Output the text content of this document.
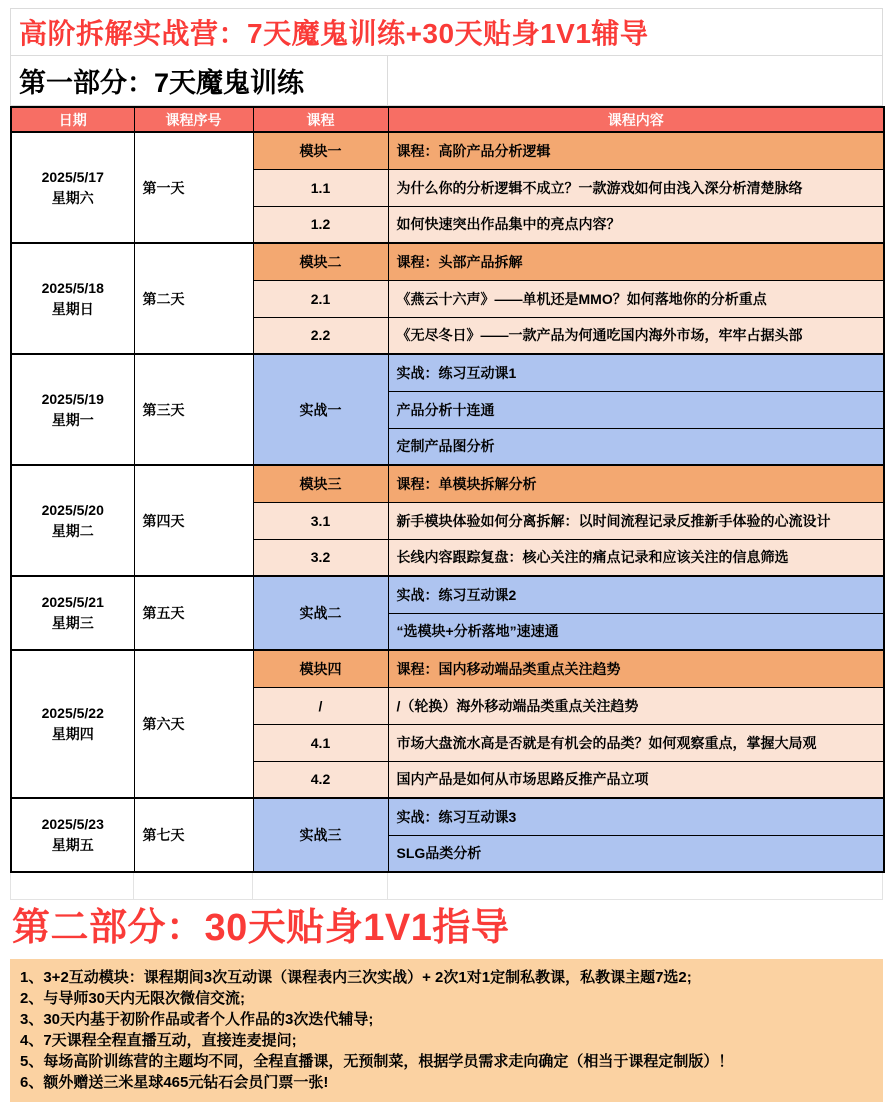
高阶拆解实战营：7天魔鬼训练+30天贴身1V1辅导
第一部分：7天魔鬼训练
日期	课程序号	课程	课程内容
2025/5/17
星期六	第一天	模块一	课程：高阶产品分析逻辑
		1.1	为什么你的分析逻辑不成立？一款游戏如何由浅入深分析清楚脉络
		1.2	如何快速突出作品集中的亮点内容？
2025/5/18
星期日	第二天	模块二	课程：头部产品拆解
		2.1	《燕云十六声》——单机还是MMO？如何落地你的分析重点
		2.2	《无尽冬日》——一款产品为何通吃国内海外市场，牢牢占据头部
2025/5/19
星期一	第三天	实战一	实战：练习互动课1
			产品分析十连通
			定制产品图分析
2025/5/20
星期二	第四天	模块三	课程：单模块拆解分析
		3.1	新手模块体验如何分离拆解：以时间流程记录反推新手体验的心流设计
		3.2	长线内容跟踪复盘：核心关注的痛点记录和应该关注的信息筛选
2025/5/21
星期三	第五天	实战二	实战：练习互动课2
			“选模块+分析落地”速速通
2025/5/22
星期四	第六天	模块四	课程：国内移动端品类重点关注趋势
		/	/（轮换）海外移动端品类重点关注趋势
		4.1	市场大盘流水高是否就是有机会的品类？如何观察重点，掌握大局观
		4.2	国内产品是如何从市场思路反推产品立项
2025/5/23
星期五	第七天	实战三	实战：练习互动课3
			SLG品类分析
第二部分：30天贴身1V1指导
1、3+2互动模块：课程期间3次互动课（课程表内三次实战）+ 2次1对1定制私教课，私教课主题7选2;
2、与导师30天内无限次微信交流;
3、30天内基于初阶作品或者个人作品的3次迭代辅导;
4、7天课程全程直播互动，直接连麦提问;
5、每场高阶训练营的主题均不同，全程直播课，无预制菜，根据学员需求走向确定（相当于课程定制版）！
6、额外赠送三米星球465元钻石会员门票一张!
